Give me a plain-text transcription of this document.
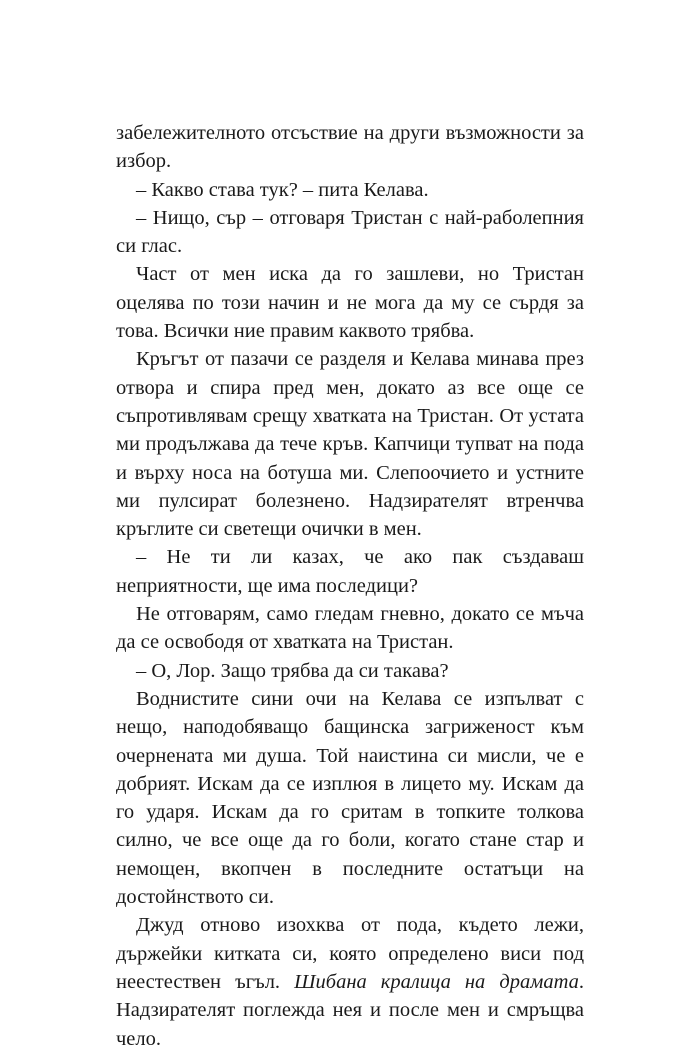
забележителното отсъствие на други възможности за избор.

– Какво става тук? – пита Келава.

– Нищо, сър – отговаря Тристан с най-раболепния си глас.

Част от мен иска да го зашлеви, но Тристан оцелява по този начин и не мога да му се сърдя за това. Всички ние правим каквото трябва.

Кръгът от пазачи се разделя и Келава минава през отвора и спира пред мен, докато аз все още се съпротивлявам срещу хватката на Тристан. От устата ми продължава да тече кръв. Капчици тупват на пода и върху носа на ботуша ми. Слепоочието и устните ми пулсират болезнено. Надзирателят втренчва кръглите си светещи очички в мен.

– Не ти ли казах, че ако пак създаваш неприятности, ще има последици?

Не отговарям, само гледам гневно, докато се мъча да се освободя от хватката на Тристан.

– О, Лор. Защо трябва да си такава?

Воднистите сини очи на Келава се изпълват с нещо, наподобяващо бащинска загриженост към очернената ми душа. Той наистина си мисли, че е добрият. Искам да се изплюя в лицето му. Искам да го ударя. Искам да го сритам в топките толкова силно, че все още да го боли, когато стане стар и немощен, вкопчен в последните остатъци на достойнството си.

Джуд отново изохква от пода, където лежи, държейки китката си, която определено виси под неестествен ъгъл. Шибана кралица на драмата. Надзирателят поглежда нея и после мен и смръщва чело.
